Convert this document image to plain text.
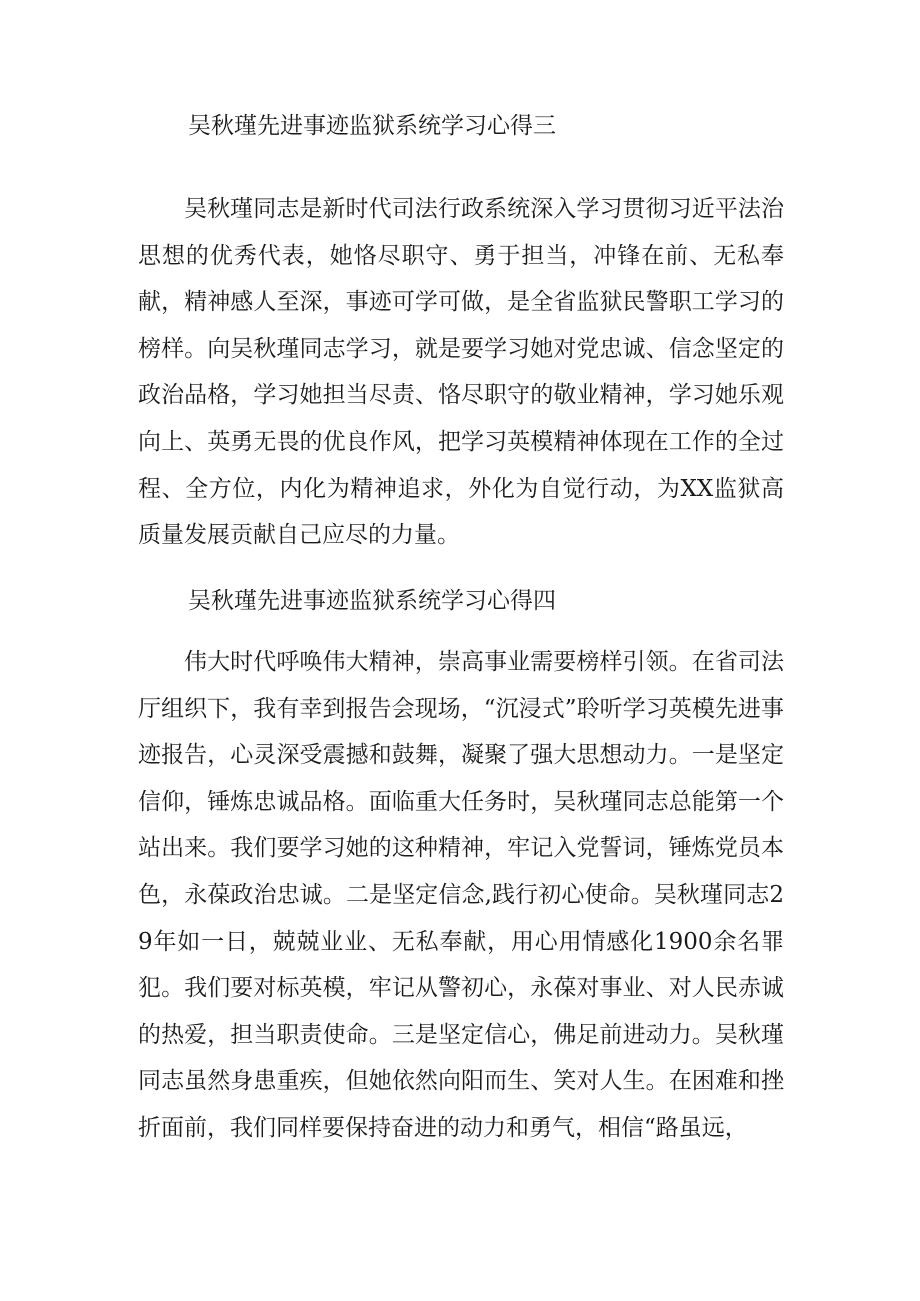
吴秋瑾先进事迹监狱系统学习心得三

吴秋瑾同志是新时代司法行政系统深入学习贯彻习近平法治思想的优秀代表，她恪尽职守、勇于担当，冲锋在前、无私奉献，精神感人至深，事迹可学可做，是全省监狱民警职工学习的榜样。向吴秋瑾同志学习，就是要学习她对党忠诚、信念坚定的政治品格，学习她担当尽责、恪尽职守的敬业精神，学习她乐观向上、英勇无畏的优良作风，把学习英模精神体现在工作的全过程、全方位，内化为精神追求，外化为自觉行动，为XX监狱高质量发展贡献自己应尽的力量。

吴秋瑾先进事迹监狱系统学习心得四

伟大时代呼唤伟大精神，崇高事业需要榜样引领。在省司法厅组织下，我有幸到报告会现场，“沉浸式”聆听学习英模先进事迹报告，心灵深受震撼和鼓舞，凝聚了强大思想动力。一是坚定信仰，锤炼忠诚品格。面临重大任务时，吴秋瑾同志总能第一个站出来。我们要学习她的这种精神，牢记入党誓词，锤炼党员本色，永葆政治忠诚。二是坚定信念,践行初心使命。吴秋瑾同志29年如一日，兢兢业业、无私奉献，用心用情感化1900余名罪犯。我们要对标英模，牢记从警初心，永葆对事业、对人民赤诚的热爱，担当职责使命。三是坚定信心，佛足前进动力。吴秋瑾同志虽然身患重疾，但她依然向阳而生、笑对人生。在困难和挫折面前，我们同样要保持奋进的动力和勇气，相信“路虽远，
